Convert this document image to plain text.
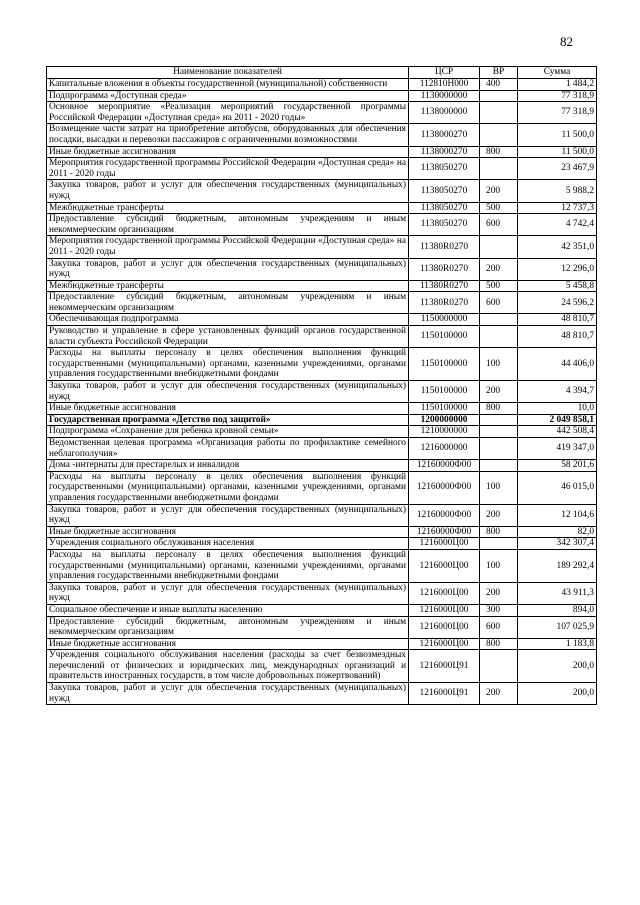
82
Наименование показателей	ЦСР	ВР	Сумма
Капитальные вложения в объекты государственной (муниципальной) собственности	112810Н000	400	1 484,2
Подпрограмма «Доступная среда»	1130000000		77 318,9
Основное мероприятие «Реализация мероприятий государственной программы Российской Федерации «Доступная среда» на 2011 - 2020 годы»	1138000000		77 318,9
Возмещение части затрат на приобретение автобусов, оборудованных для обеспечения посадки, высадки и перевозки пассажиров с ограниченными возможностями	1138000270		11 500,0
Иные бюджетные ассигнования	1138000270	800	11 500,0
Мероприятия государственной программы Российской Федерации «Доступная среда» на 2011 - 2020 годы	1138050270		23 467,9
Закупка товаров, работ и услуг для обеспечения государственных (муниципальных) нужд	1138050270	200	5 988,2
Межбюджетные трансферты	1138050270	500	12 737,3
Предоставление субсидий бюджетным, автономным учреждениям и иным некоммерческим организациям	1138050270	600	4 742,4
Мероприятия государственной программы Российской Федерации «Доступная среда» на 2011 - 2020 годы	11380R0270		42 351,0
Закупка товаров, работ и услуг для обеспечения государственных (муниципальных) нужд	11380R0270	200	12 296,0
Межбюджетные трансферты	11380R0270	500	5 458,8
Предоставление субсидий бюджетным, автономным учреждениям и иным некоммерческим организациям	11380R0270	600	24 596,2
Обеспечивающая подпрограмма	1150000000		48 810,7
Руководство и управление в сфере установленных функций органов государственной власти субъекта Российской Федерации	1150100000		48 810,7
Расходы на выплаты персоналу в целях обеспечения выполнения функций государственными (муниципальными) органами, казенными учреждениями, органами управления государственными внебюджетными фондами	1150100000	100	44 406,0
Закупка товаров, работ и услуг для обеспечения государственных (муниципальных) нужд	1150100000	200	4 394,7
Иные бюджетные ассигнования	1150100000	800	10,0
Государственная программа «Детство под защитой»	1200000000		2 049 858,1
Подпрограмма «Сохранение для ребенка кровной семьи»	1210000000		442 508,4
Ведомственная целевая программа «Организация работы по профилактике семейного неблагополучия»	1216000000		419 347,0
Дома -интернаты для престарелых и инвалидов	12160000Ф00		58 201,6
Расходы на выплаты персоналу в целях обеспечения выполнения функций государственными (муниципальными) органами, казенными учреждениями, органами управления государственными внебюджетными фондами	12160000Ф00	100	46 015,0
Закупка товаров, работ и услуг для обеспечения государственных (муниципальных) нужд	12160000Ф00	200	12 104,6
Иные бюджетные ассигнования	12160000Ф00	800	82,0
Учреждения социального обслуживания населения	1216000Ц00		342 307,4
Расходы на выплаты персоналу в целях обеспечения выполнения функций государственными (муниципальными) органами, казенными учреждениями, органами управления государственными внебюджетными фондами	1216000Ц00	100	189 292,4
Закупка товаров, работ и услуг для обеспечения государственных (муниципальных) нужд	1216000Ц00	200	43 911,3
Социальное обеспечение и иные выплаты населению	1216000Ц00	300	894,0
Предоставление субсидий бюджетным, автономным учреждениям и иным некоммерческим организациям	1216000Ц00	600	107 025,9
Иные бюджетные ассигнования	1216000Ц00	800	1 183,8
Учреждения социального обслуживания населения (расходы за счет безвозмездных перечислений от физических и юридических лиц, международных организаций и правительств иностранных государств, в том числе добровольных пожертвований)	1216000Ц91		200,0
Закупка товаров, работ и услуг для обеспечения государственных (муниципальных) нужд	1216000Ц91	200	200,0
